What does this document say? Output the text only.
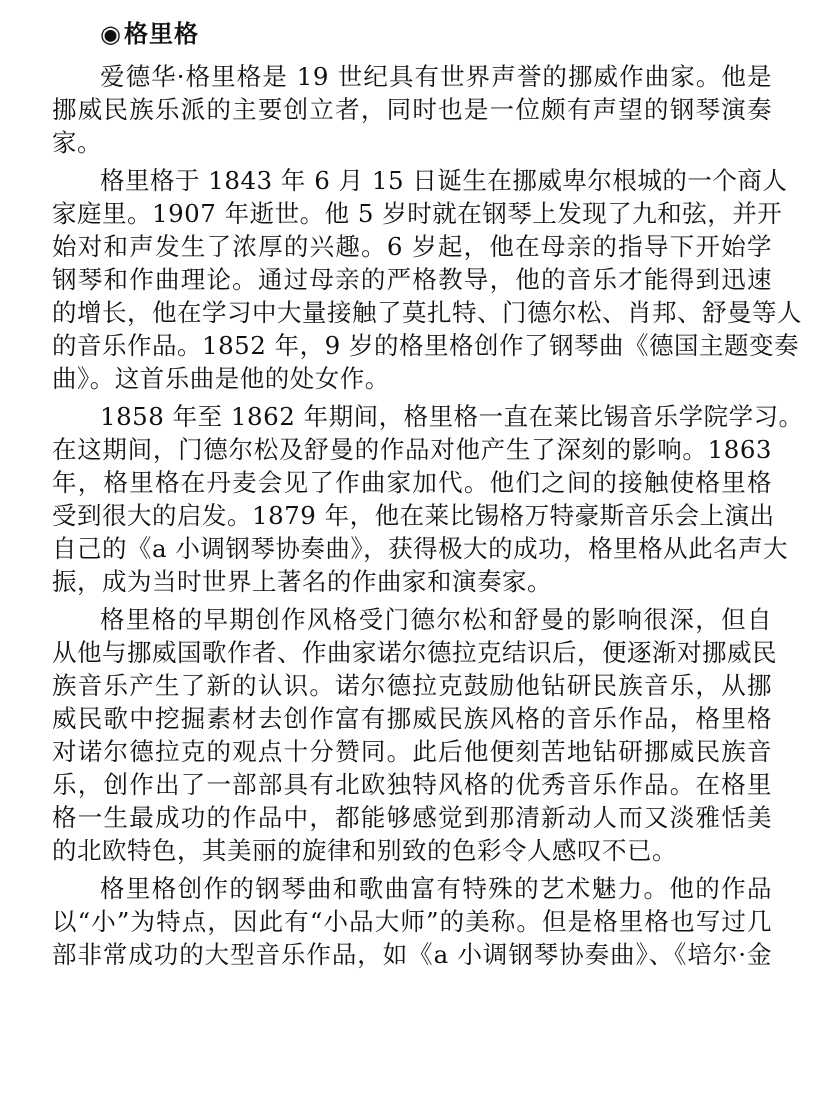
◉格里格
爱德华·格里格是 19 世纪具有世界声誉的挪威作曲家。他是
挪威民族乐派的主要创立者，同时也是一位颇有声望的钢琴演奏
家。
格里格于 1843 年 6 月 15 日诞生在挪威卑尔根城的一个商人
家庭里。1907 年逝世。他 5 岁时就在钢琴上发现了九和弦，并开
始对和声发生了浓厚的兴趣。6 岁起，他在母亲的指导下开始学
钢琴和作曲理论。通过母亲的严格教导，他的音乐才能得到迅速
的增长，他在学习中大量接触了莫扎特、门德尔松、肖邦、舒曼等人
的音乐作品。1852 年，9 岁的格里格创作了钢琴曲《德国主题变奏
曲》。这首乐曲是他的处女作。
1858 年至 1862 年期间，格里格一直在莱比锡音乐学院学习。
在这期间，门德尔松及舒曼的作品对他产生了深刻的影响。1863
年，格里格在丹麦会见了作曲家加代。他们之间的接触使格里格
受到很大的启发。1879 年，他在莱比锡格万特豪斯音乐会上演出
自己的《a 小调钢琴协奏曲》，获得极大的成功，格里格从此名声大
振，成为当时世界上著名的作曲家和演奏家。
格里格的早期创作风格受门德尔松和舒曼的影响很深，但自
从他与挪威国歌作者、作曲家诺尔德拉克结识后，便逐渐对挪威民
族音乐产生了新的认识。诺尔德拉克鼓励他钻研民族音乐，从挪
威民歌中挖掘素材去创作富有挪威民族风格的音乐作品，格里格
对诺尔德拉克的观点十分赞同。此后他便刻苦地钻研挪威民族音
乐，创作出了一部部具有北欧独特风格的优秀音乐作品。在格里
格一生最成功的作品中，都能够感觉到那清新动人而又淡雅恬美
的北欧特色，其美丽的旋律和别致的色彩令人感叹不已。
格里格创作的钢琴曲和歌曲富有特殊的艺术魅力。他的作品
以“小”为特点，因此有“小品大师”的美称。但是格里格也写过几
部非常成功的大型音乐作品，如《a 小调钢琴协奏曲》、《培尔·金
